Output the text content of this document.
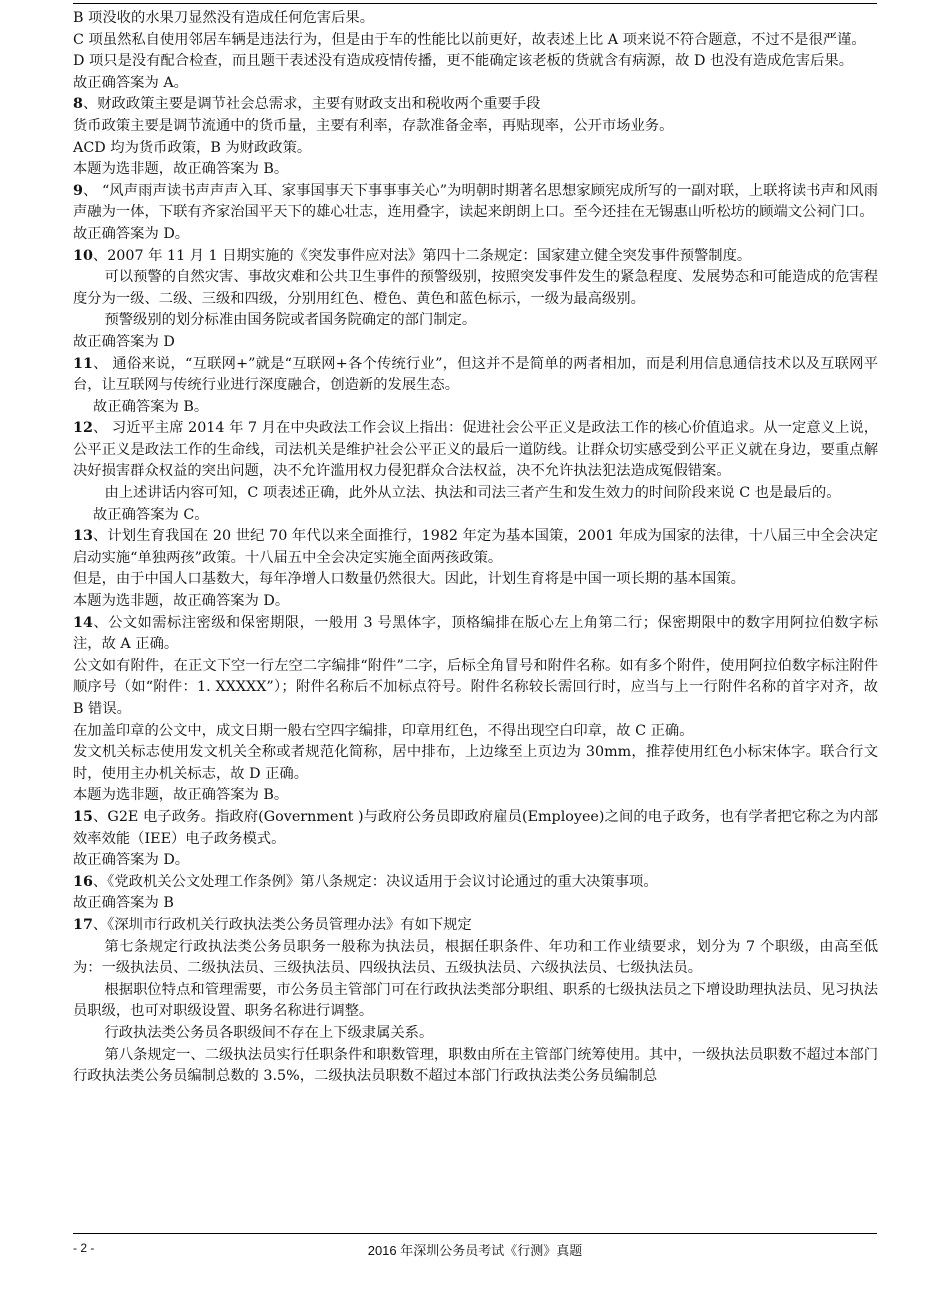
B 项没收的水果刀显然没有造成任何危害后果。

C 项虽然私自使用邻居车辆是违法行为，但是由于车的性能比以前更好，故表述上比 A 项来说不符合题意，不过不是很严谨。

D 项只是没有配合检查，而且题干表述没有造成疫情传播，更不能确定该老板的货就含有病源，故 D 也没有造成危害后果。

故正确答案为 A。

8、财政政策主要是调节社会总需求，主要有财政支出和税收两个重要手段

货币政策主要是调节流通中的货币量，主要有利率，存款准备金率，再贴现率，公开市场业务。

ACD 均为货币政策，B 为财政政策。

本题为选非题，故正确答案为 B。

9、 “风声雨声读书声声声入耳、家事国事天下事事事关心”为明朝时期著名思想家顾宪成所写的一副对联，上联将读书声和风雨声融为一体，下联有齐家治国平天下的雄心壮志，连用叠字，读起来朗朗上口。至今还挂在无锡惠山听松坊的顾端文公祠门口。

故正确答案为 D。

10、2007 年 11 月 1 日期实施的《突发事件应对法》第四十二条规定：国家建立健全突发事件预警制度。

可以预警的自然灾害、事故灾难和公共卫生事件的预警级别，按照突发事件发生的紧急程度、发展势态和可能造成的危害程度分为一级、二级、三级和四级，分别用红色、橙色、黄色和蓝色标示，一级为最高级别。

预警级别的划分标准由国务院或者国务院确定的部门制定。

故正确答案为 D

11、 通俗来说，“互联网+”就是“互联网+各个传统行业”，但这并不是简单的两者相加，而是利用信息通信技术以及互联网平台，让互联网与传统行业进行深度融合，创造新的发展生态。

故正确答案为 B。

12、 习近平主席 2014 年 7 月在中央政法工作会议上指出：促进社会公平正义是政法工作的核心价值追求。从一定意义上说，公平正义是政法工作的生命线，司法机关是维护社会公平正义的最后一道防线。让群众切实感受到公平正义就在身边，要重点解决好损害群众权益的突出问题，决不允许滥用权力侵犯群众合法权益，决不允许执法犯法造成冤假错案。

由上述讲话内容可知，C 项表述正确，此外从立法、执法和司法三者产生和发生效力的时间阶段来说 C 也是最后的。

故正确答案为 C。

13、计划生育我国在 20 世纪 70 年代以来全面推行，1982 年定为基本国策，2001 年成为国家的法律，十八届三中全会决定启动实施“单独两孩”政策。十八届五中全会决定实施全面两孩政策。

但是，由于中国人口基数大，每年净增人口数量仍然很大。因此，计划生育将是中国一项长期的基本国策。

本题为选非题，故正确答案为 D。

14、公文如需标注密级和保密期限，一般用 3 号黑体字，顶格编排在版心左上角第二行；保密期限中的数字用阿拉伯数字标注，故 A 正确。

公文如有附件，在正文下空一行左空二字编排“附件”二字，后标全角冒号和附件名称。如有多个附件，使用阿拉伯数字标注附件顺序号（如“附件：1. XXXXX”）；附件名称后不加标点符号。附件名称较长需回行时，应当与上一行附件名称的首字对齐，故 B 错误。

在加盖印章的公文中，成文日期一般右空四字编排，印章用红色，不得出现空白印章，故 C 正确。

发文机关标志使用发文机关全称或者规范化简称，居中排布，上边缘至上页边为 30mm，推荐使用红色小标宋体字。联合行文时，使用主办机关标志，故 D 正确。

本题为选非题，故正确答案为 B。

15、G2E 电子政务。指政府(Government )与政府公务员即政府雇员(Employee)之间的电子政务，也有学者把它称之为内部效率效能（IEE）电子政务模式。

故正确答案为 D。

16、《党政机关公文处理工作条例》第八条规定：决议适用于会议讨论通过的重大决策事项。

故正确答案为 B

17、《深圳市行政机关行政执法类公务员管理办法》有如下规定

第七条规定行政执法类公务员职务一般称为执法员，根据任职条件、年功和工作业绩要求，划分为 7 个职级，由高至低为：一级执法员、二级执法员、三级执法员、四级执法员、五级执法员、六级执法员、七级执法员。

根据职位特点和管理需要，市公务员主管部门可在行政执法类部分职组、职系的七级执法员之下增设助理执法员、见习执法员职级，也可对职级设置、职务名称进行调整。

行政执法类公务员各职级间不存在上下级隶属关系。

第八条规定一、二级执法员实行任职条件和职数管理，职数由所在主管部门统筹使用。其中，一级执法员职数不超过本部门行政执法类公务员编制总数的 3.5%，二级执法员职数不超过本部门行政执法类公务员编制总

- 2 -	2016 年深圳公务员考试《行测》真题
